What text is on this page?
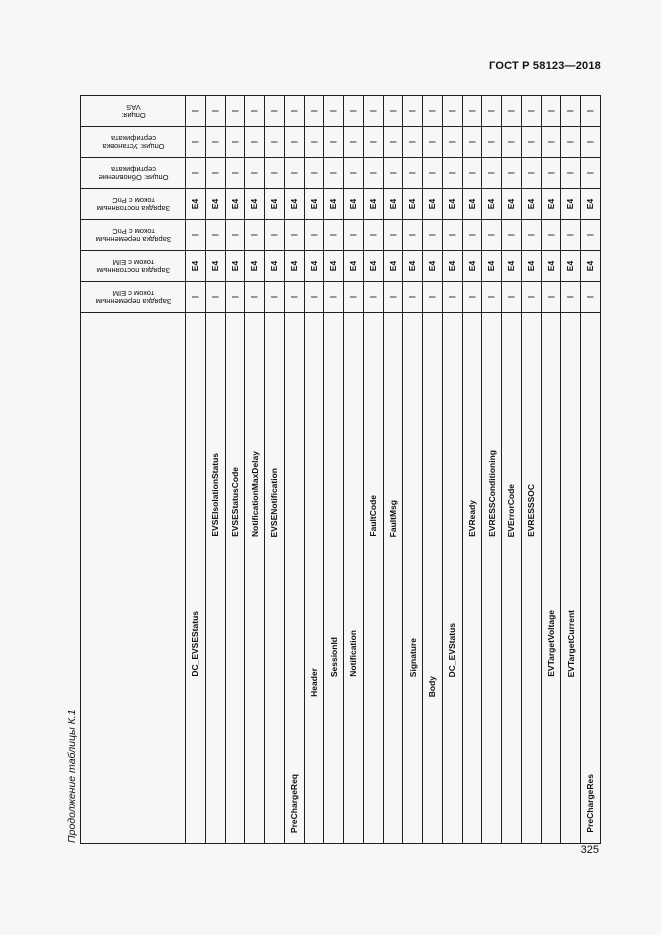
ГОСТ Р 58123—2018
Продолжение таблицы К.1
325
Опция:
VAS	I	I	I	I	I	I	I	I	I	I	I	I	I	I	I	I	I	I	I	I	I
Опция: Установка
сертификата	I	I	I	I	I	I	I	I	I	I	I	I	I	I	I	I	I	I	I	I	I
Опция: Обновление
сертификата	I	I	I	I	I	I	I	I	I	I	I	I	I	I	I	I	I	I	I	I	I
Зарядка постоянным
током с PnC	E4	E4	E4	E4	E4	E4	E4	E4	E4	E4	E4	E4	E4	E4	E4	E4	E4	E4	E4	E4	E4
Зарядка переменным
током с PnC	I	I	I	I	I	I	I	I	I	I	I	I	I	I	I	I	I	I	I	I	I
Зарядка постоянным
током с EIM	E4	E4	E4	E4	E4	E4	E4	E4	E4	E4	E4	E4	E4	E4	E4	E4	E4	E4	E4	E4	E4
Зарядка переменным
током с EIM	I	I	I	I	I	I	I	I	I	I	I	I	I	I	I	I	I	I	I	I	I
	DC_EVSEStatus	EVSEIsolationStatus	EVSEStatusCode	NotificationMaxDelay	EVSENotification	PreChargeReq	Header	SessionId	Notification	FaultCode	FaultMsg	Signature	Body	DC_EVStatus	EVReady	EVRESSConditioning	EVErrorCode	EVRESSSOC	EVTargetVoltage	EVTargetCurrent	PreChargeRes
